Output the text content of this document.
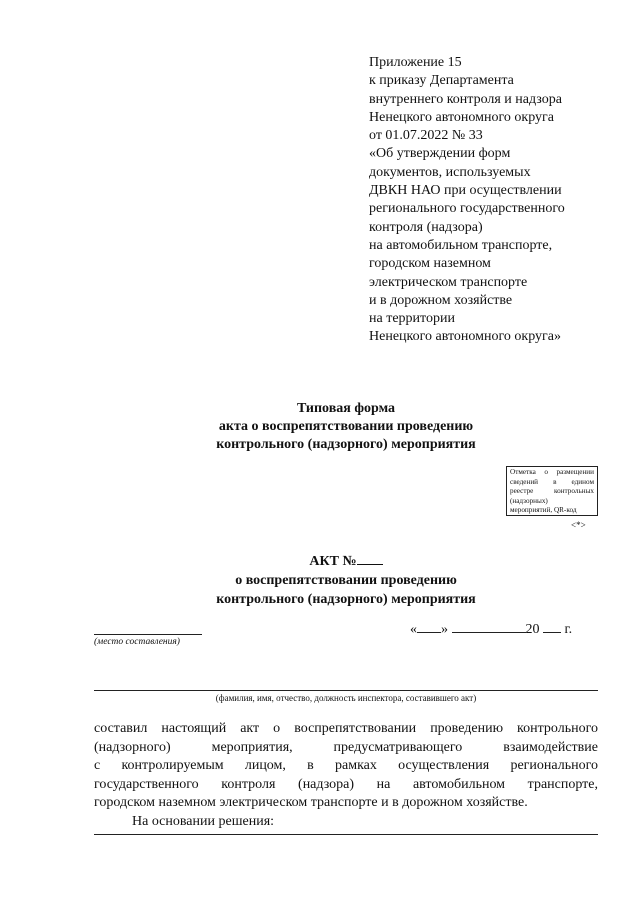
Приложение 15
к приказу Департамента
внутреннего контроля и надзора
Ненецкого автономного округа
от 01.07.2022 № 33
«Об утверждении форм
документов, используемых
ДВКН НАО при осуществлении
регионального государственного
контроля (надзора)
на автомобильном транспорте,
городском наземном
электрическом транспорте
и в дорожном хозяйстве
на территории
Ненецкого автономного округа»
Типовая форма
акта о воспрепятствовании проведению
контрольного (надзорного) мероприятия
Отметка о размещении
сведений в едином
реестре контрольных
(надзорных)
мероприятий, QR-код
<*>
АКТ №
о воспрепятствовании проведению
контрольного (надзорного) мероприятия
(место составления)
« »	20 г.
(фамилия, имя, отчество, должность инспектора, составившего акт)
составил настоящий акт о воспрепятствовании проведению контрольного
(надзорного) мероприятия, предусматривающего взаимодействие
с контролируемым лицом, в рамках осуществления регионального
государственного контроля (надзора) на автомобильном транспорте,
городском наземном электрическом транспорте и в дорожном хозяйстве.
На основании решения:
